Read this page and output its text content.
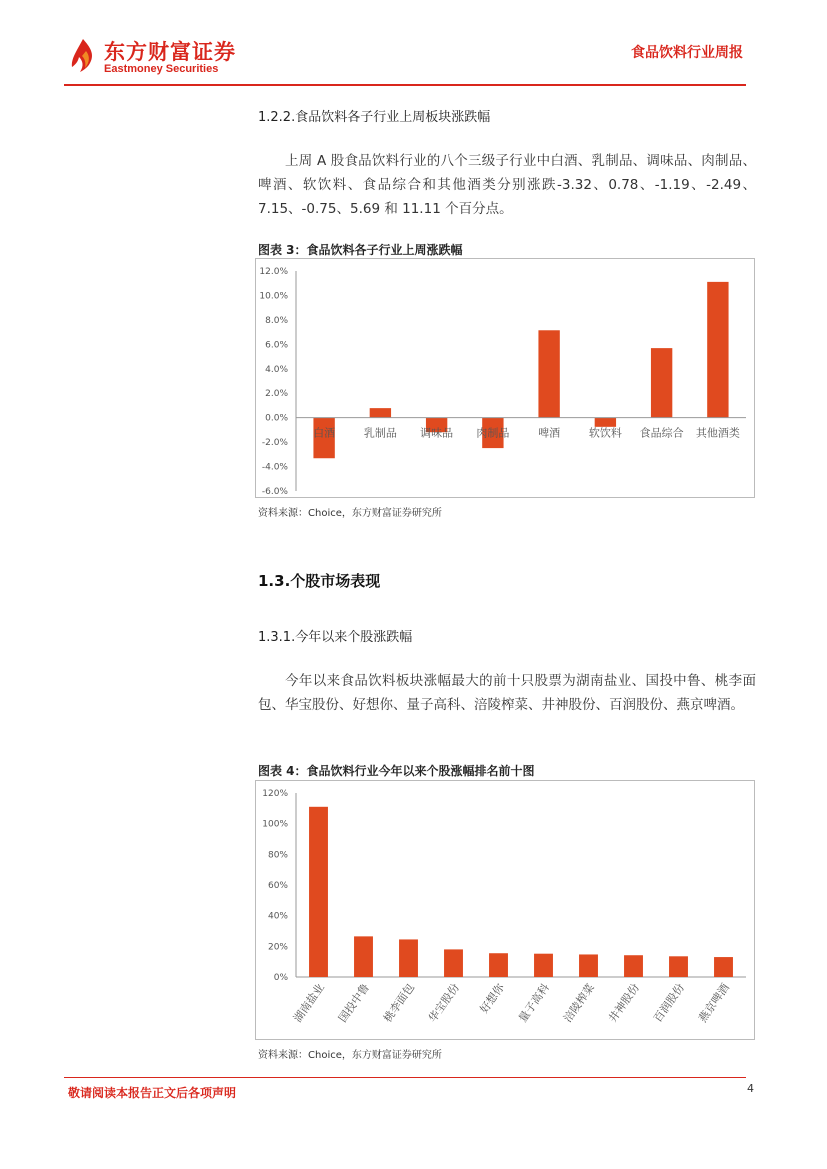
东方财富证券
Eastmoney Securities
食品饮料行业周报
1.2.2.食品饮料各子行业上周板块涨跌幅
上周 A 股食品饮料行业的八个三级子行业中白酒、乳制品、调味品、肉制品、啤酒、软饮料、食品综合和其他酒类分别涨跌-3.32、0.78、-1.19、-2.49、7.15、-0.75、5.69 和 11.11 个百分点。
图表 3：食品饮料各子行业上周涨跌幅
-6.0%
-4.0%
-2.0%
0.0%
2.0%
4.0%
6.0%
8.0%
10.0%
12.0%
白酒	乳制品 调味品 肉制品	啤酒	软饮料 食品综合 其他酒类
资料来源：Choice，东方财富证券研究所
1.3.个股市场表现
1.3.1.今年以来个股涨跌幅
今年以来食品饮料板块涨幅最大的前十只股票为湖南盐业、国投中鲁、桃李面包、华宝股份、好想你、量子高科、涪陵榨菜、井神股份、百润股份、燕京啤酒。
图表 4：食品饮料行业今年以来个股涨幅排名前十图
0%
20%
40%
60%
80%
100%
120%
湖南盐业 国投中鲁 桃李面包 华宝股份 好想你 量子高科 涪陵榨菜 井神股份 百润股份 燕京啤酒
资料来源：Choice，东方财富证券研究所
敬请阅读本报告正文后各项声明	4
